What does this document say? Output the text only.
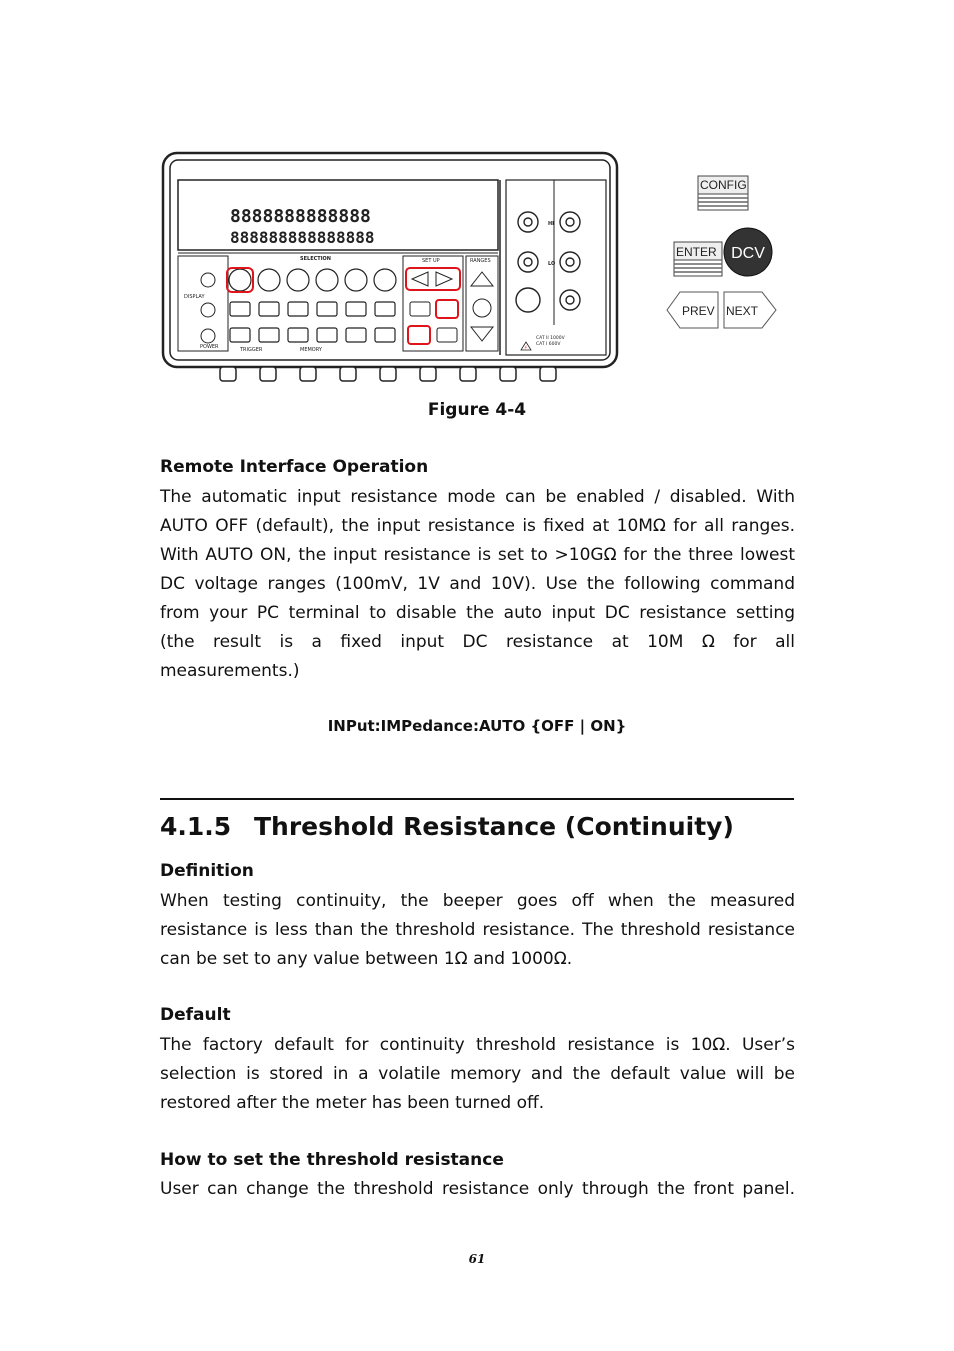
8888888888888
888888888888888
DISPLAY
POWER
SELECTION
TRIGGER	MEMORY
SET UP	RANGES
HI
LO
CAT II 1000V
CAT I 600V
⚡
CONFIG
ENTER DCV
PREV NEXT
Figure 4-4
Remote Interface Operation
The automatic input resistance mode can be enabled / disabled. With
AUTO OFF (default), the input resistance is fixed at 10MΩ for all ranges.
With AUTO ON, the input resistance is set to >10GΩ for the three lowest
DC voltage ranges (100mV, 1V and 10V). Use the following command
from your PC terminal to disable the auto input DC resistance setting
(the result is a fixed input DC resistance at 10M Ω for all
measurements.)
INPut:IMPedance:AUTO {OFF | ON}
4.1.5 Threshold Resistance (Continuity)
Definition
When testing continuity, the beeper goes off when the measured
resistance is less than the threshold resistance. The threshold resistance
can be set to any value between 1Ω and 1000Ω.
Default
The factory default for continuity threshold resistance is 10Ω. User’s
selection is stored in a volatile memory and the default value will be
restored after the meter has been turned off.
How to set the threshold resistance
User can change the threshold resistance only through the front panel.
61
